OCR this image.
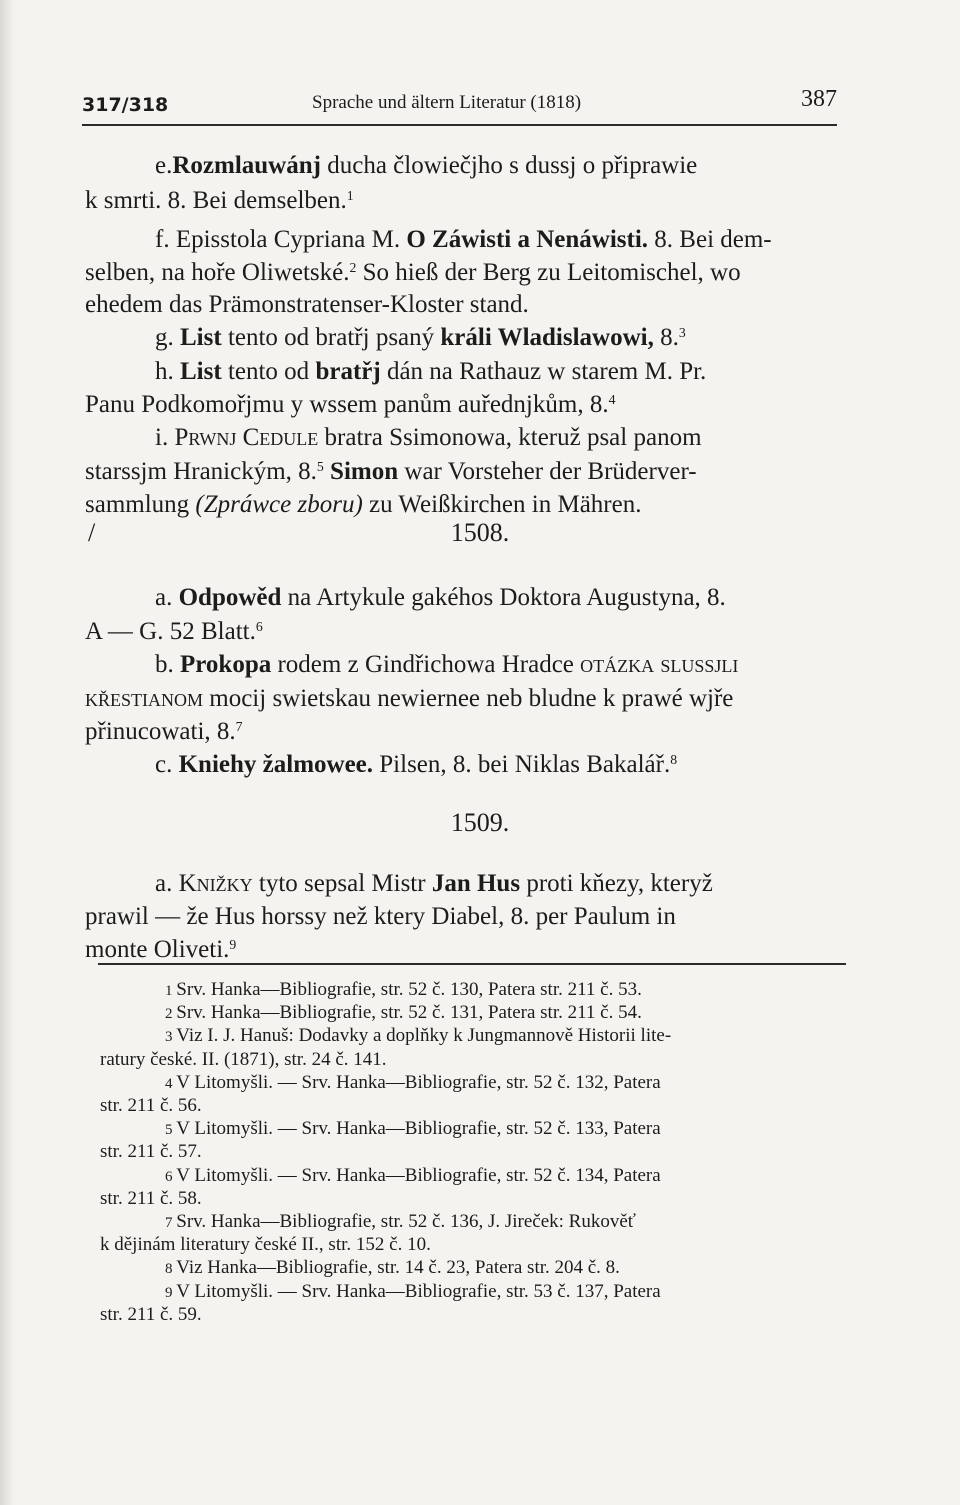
317/318	Sprache und ältern Literatur (1818)	387
e.Rozmlauwánj ducha člowiečjho s dussj o připrawie
k smrti. 8. Bei demselben.$^1$
f. Episstola Cypriana M. O Záwisti a Nenáwisti. 8. Bei dem-
selben, na hoře Oliwetské.$^2$ So hieß der Berg zu Leitomischel, wo
ehedem das Prämonstratenser-Kloster stand.
g. List tento od bratřj psaný králi Wladislawowi, 8.$^3$
h. List tento od bratřj dán na Rathauz w starem M. Pr.
Panu Podkomořjmu y wssem panům auřednjkům, 8.$^4$
i. Prwnj Cedule bratra Ssimonowa, kteruž psal panom
starssjm Hranickým, 8.$^5$ Simon war Vorsteher der Brüderver-
sammlung (Zpráwce zboru) zu Weißkirchen in Mähren.
a. Odpowěd na Artykule gakéhos Doktora Augustyna, 8.
A — G. 52 Blatt.$^6$
b. Prokopa rodem z Gindřichowa Hradce otázka slussjli
křestianom mocij swietskau newiernee neb bludne k prawé wjře
přinucowati, 8.$^7$
c. Kniehy žalmowee. Pilsen, 8. bei Niklas Bakalář.$^8$
a. Knižky tyto sepsal Mistr Jan Hus proti kňezy, kteryž
prawil — že Hus horssy než ktery Diabel, 8. per Paulum in
monte Oliveti.$^9$
/	1508.
1509.
1 Srv. Hanka—Bibliografie, str. 52 č. 130, Patera str. 211 č. 53.
2 Srv. Hanka—Bibliografie, str. 52 č. 131, Patera str. 211 č. 54.
3 Viz I. J. Hanuš: Dodavky a doplňky k Jungmannově Historii lite-
ratury české. II. (1871), str. 24 č. 141.
4 V Litomyšli. — Srv. Hanka—Bibliografie, str. 52 č. 132, Patera
str. 211 č. 56.
5 V Litomyšli. — Srv. Hanka—Bibliografie, str. 52 č. 133, Patera
str. 211 č. 57.
6 V Litomyšli. — Srv. Hanka—Bibliografie, str. 52 č. 134, Patera
str. 211 č. 58.
7 Srv. Hanka—Bibliografie, str. 52 č. 136, J. Jireček: Rukověť
k dějinám literatury české II., str. 152 č. 10.
8 Viz Hanka—Bibliografie, str. 14 č. 23, Patera str. 204 č. 8.
9 V Litomyšli. — Srv. Hanka—Bibliografie, str. 53 č. 137, Patera
str. 211 č. 59.
